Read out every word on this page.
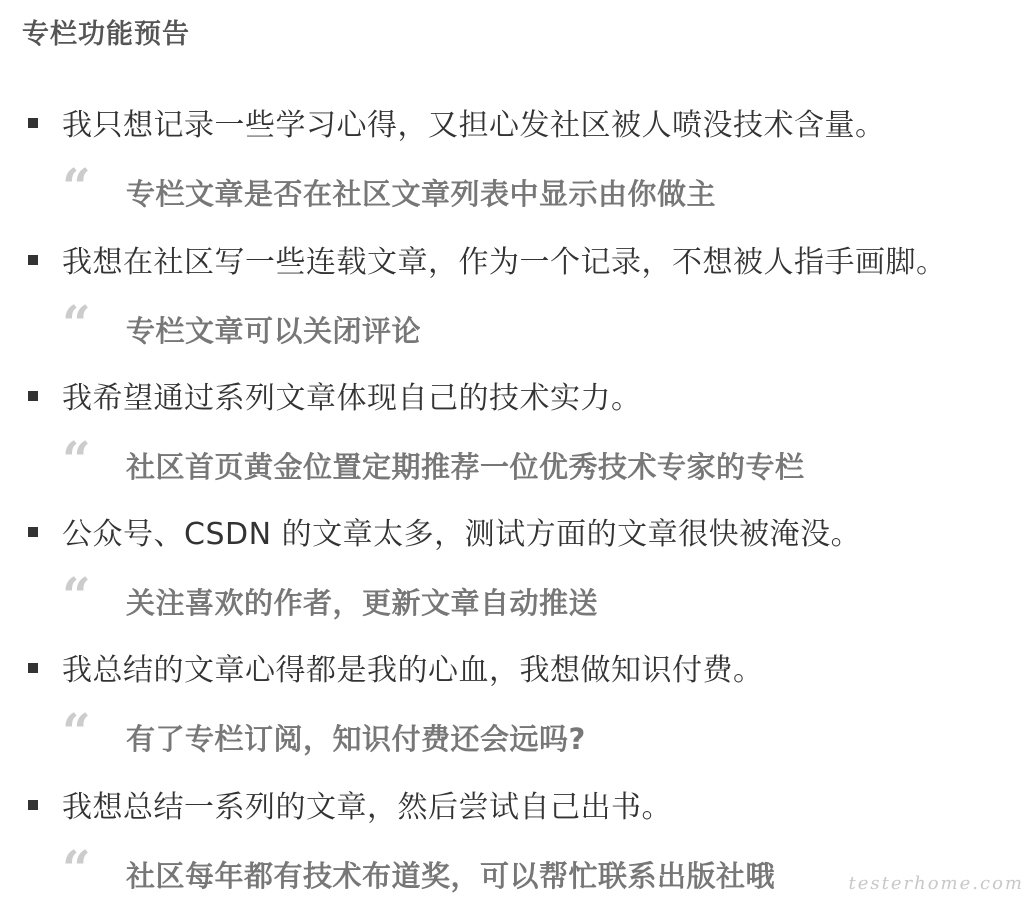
专栏功能预告
我只想记录一些学习心得，又担心发社区被人喷没技术含量。
“ 专栏文章是否在社区文章列表中显示由你做主
我想在社区写一些连载文章，作为一个记录，不想被人指手画脚。
“ 专栏文章可以关闭评论
我希望通过系列文章体现自己的技术实力。
“ 社区首页黄金位置定期推荐一位优秀技术专家的专栏
公众号、CSDN 的文章太多，测试方面的文章很快被淹没。
“ 关注喜欢的作者，更新文章自动推送
我总结的文章心得都是我的心血，我想做知识付费。
“ 有了专栏订阅，知识付费还会远吗?
我想总结一系列的文章，然后尝试自己出书。
“ 社区每年都有技术布道奖，可以帮忙联系出版社哦	testerhome.com
